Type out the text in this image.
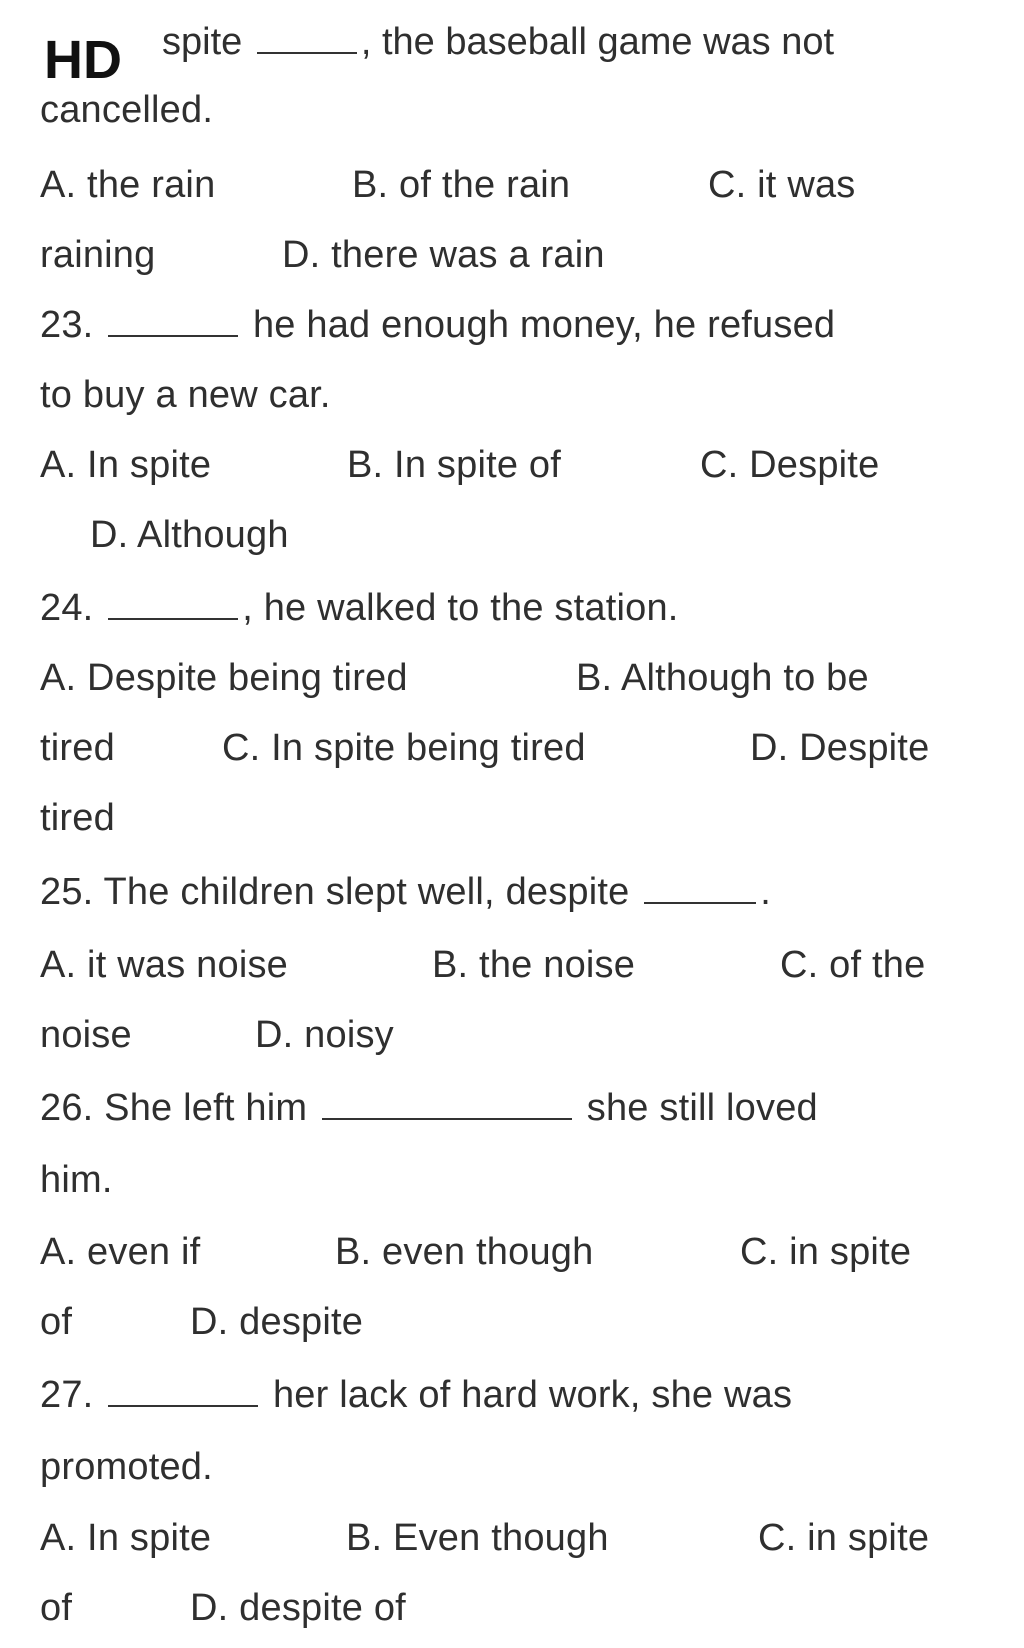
HD spite	, the baseball game was not
cancelled.
A. the rain	B. of the rain	C. it was
raining	D. there was a rain
23.	he had enough money, he refused
to buy a new car.
A. In spite	B. In spite of	C. Despite
D. Although
24.	, he walked to the station.
A. Despite being tired	B. Although to be
tired	C. In spite being tired	D. Despite
tired
25. The children slept well, despite	.
A. it was noise	B. the noise	C. of the
noise	D. noisy
26. She left him	she still loved
him.
A. even if	B. even though	C. in spite
of	D. despite
27.	her lack of hard work, she was
promoted.
A. In spite	B. Even though	C. in spite
of	D. despite of
